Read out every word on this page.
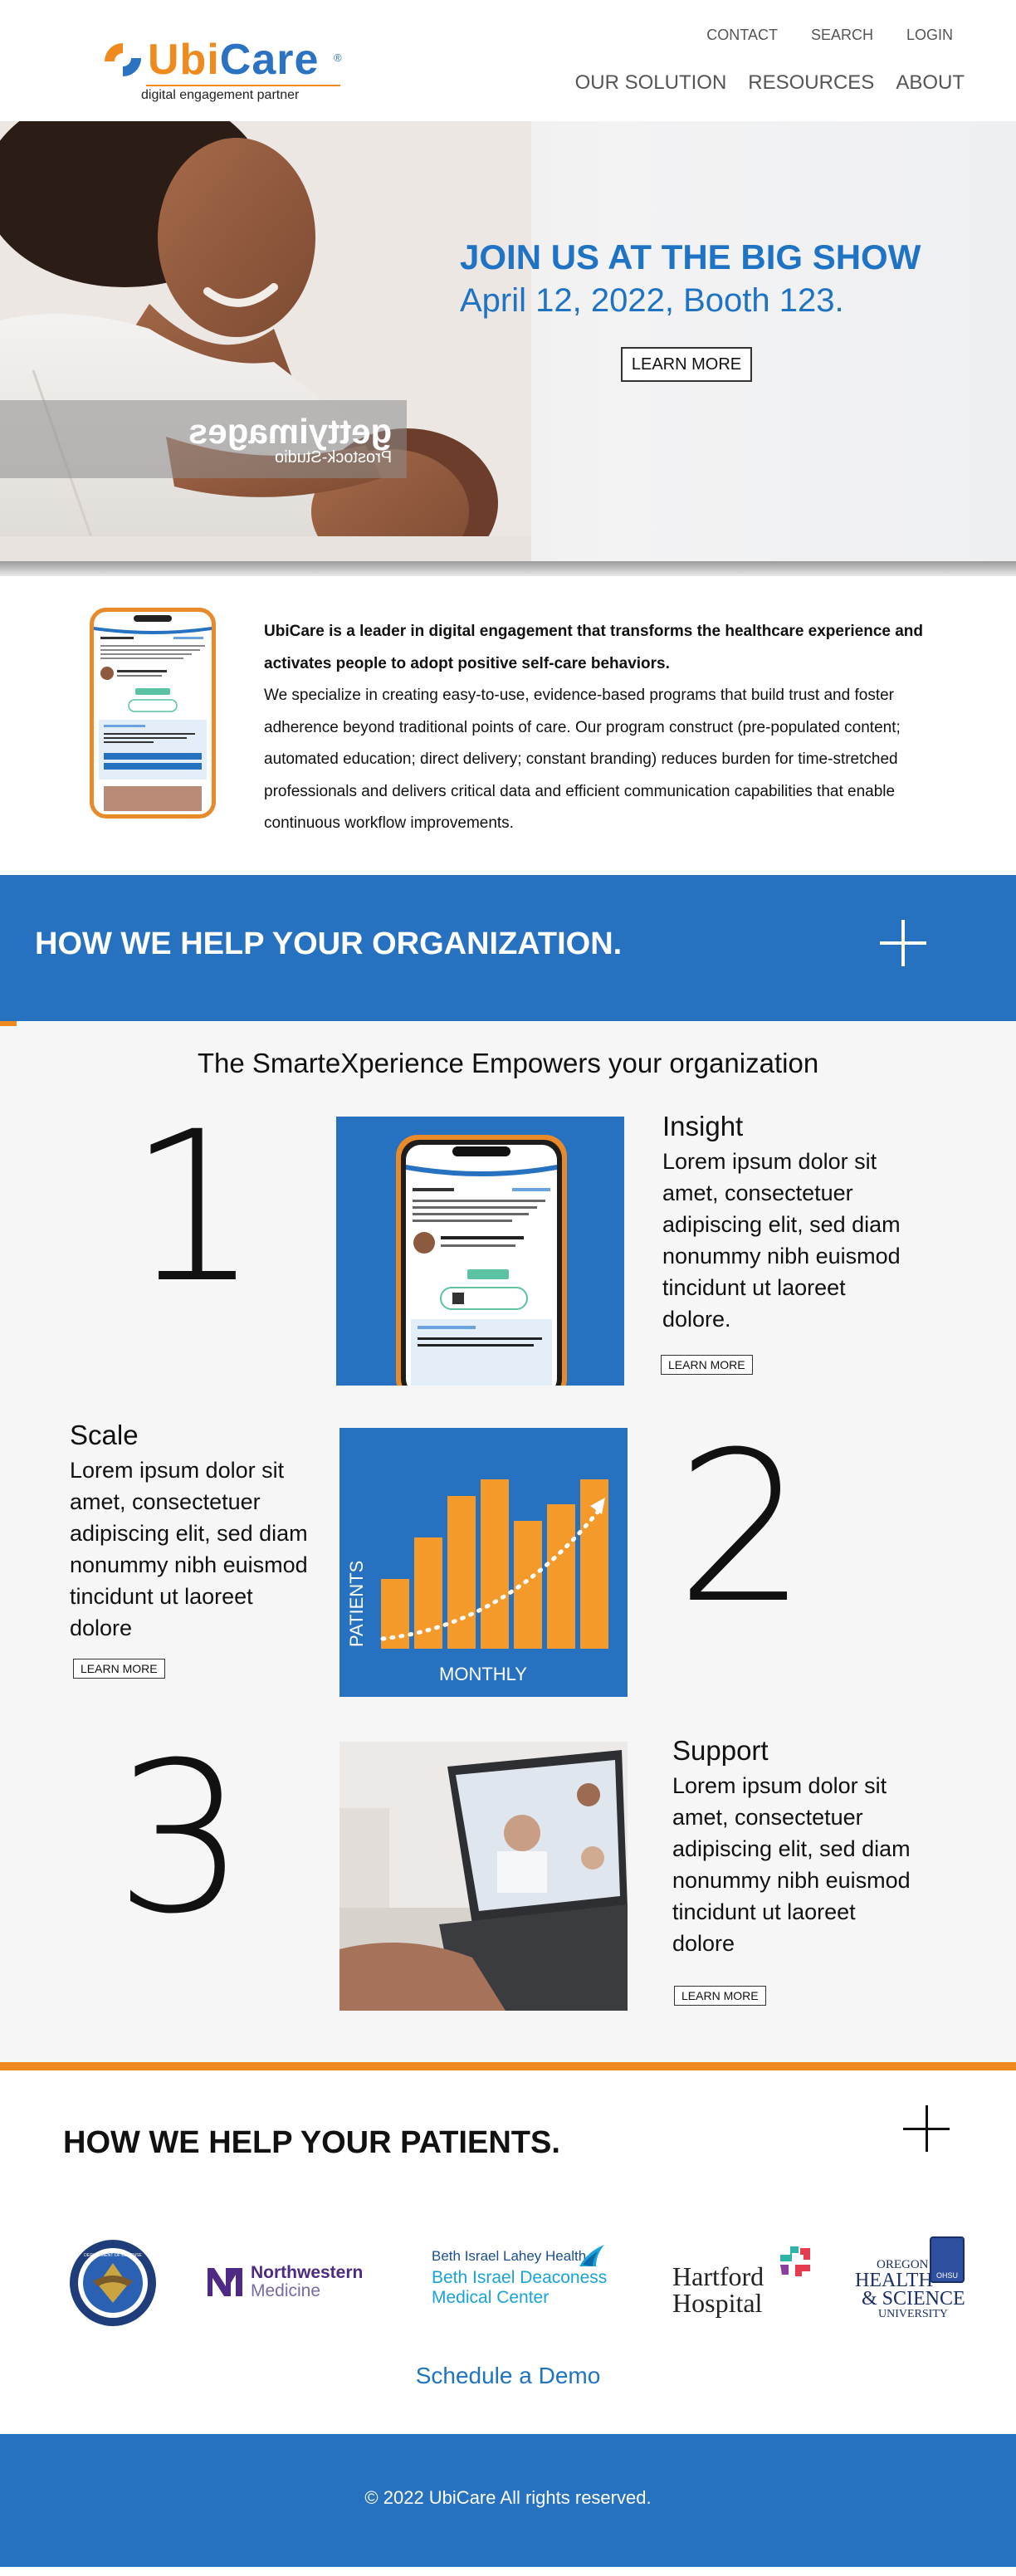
UbiCare ®
digital engagement partner
CONTACT SEARCH LOGIN
OUR SOLUTION RESOURCES ABOUT
gettyimages
Prostock-Studio
JOIN US AT THE BIG SHOW
April 12, 2022, Booth 123.
LEARN MORE
UbiCare is a leader in digital engagement that transforms the healthcare experience and activates people to adopt positive self-care behaviors.
We specialize in creating easy-to-use, evidence-based programs that build trust and foster adherence beyond traditional points of care. Our program construct (pre-populated content; automated education; direct delivery; constant branding) reduces burden for time-stretched professionals and delivers critical data and efficient communication capabilities that enable continuous workflow improvements.
HOW WE HELP YOUR ORGANIZATION.
The SmarteXperience Empowers your organization
1	Insight
Lorem ipsum dolor sit amet, consectetuer adipiscing elit, sed diam nonummy nibh euismod tincidunt ut laoreet dolore.
LEARN MORE
Scale
Lorem ipsum dolor sit amet, consectetuer adipiscing elit, sed diam nonummy nibh euismod tincidunt ut laoreet dolore
LEARN MORE
PATIENTS
MONTHLY
2
3	Support
Lorem ipsum dolor sit amet, consectetuer adipiscing elit, sed diam nonummy nibh euismod tincidunt ut laoreet dolore
LEARN MORE
HOW WE HELP YOUR PATIENTS.
DEPARTMENT OF DEFENSE
Northwestern
Medicine
Beth Israel Lahey Health
Beth Israel Deaconess
Medical Center
Hartford
Hospital
OHSU
OREGON
HEALTH
& SCIENCE
UNIVERSITY
Schedule a Demo

© 2022 UbiCare All rights reserved.
